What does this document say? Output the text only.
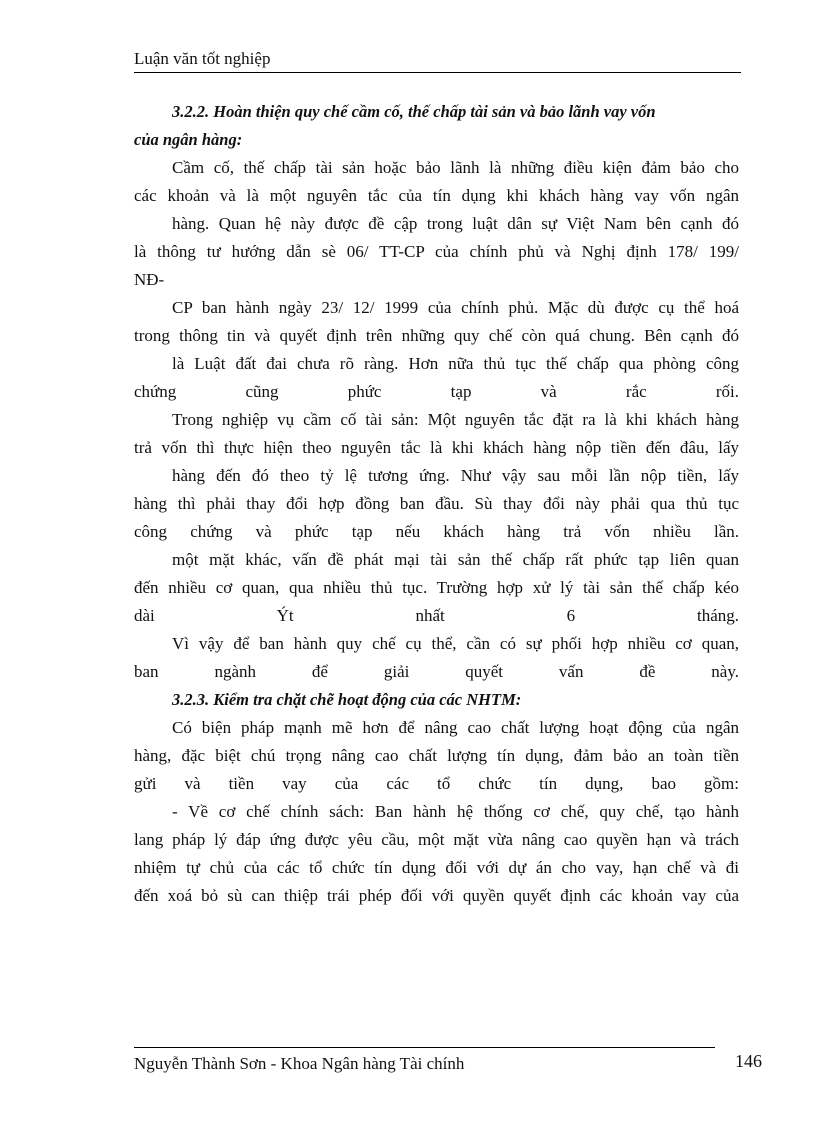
Luận văn tốt nghiệp
3.2.2. Hoàn thiện quy chế cầm cố, thế chấp tài sản và bảo lãnh vay vốn
của ngân hàng:
Cầm cố, thế chấp tài sản hoặc bảo lãnh là những điều kiện đảm bảo cho
các khoản và là một nguyên tắc của tín dụng khi khách hàng vay vốn ngân
hàng. Quan hệ này được đề cập trong luật dân sự Việt Nam bên cạnh đó
là thông tư hướng dẫn sè 06/ TT-CP của chính phủ và Nghị định 178/ 199/
NĐ-
CP ban hành ngày 23/ 12/ 1999 của chính phủ. Mặc dù được cụ thể hoá
trong thông tin và quyết định trên những quy chế còn quá chung. Bên cạnh đó
là Luật đất đai chưa rõ ràng. Hơn nữa thủ tục thế chấp qua phòng công
chứng cũng phức tạp và rắc rối.
Trong nghiệp vụ cầm cố tài sản: Một nguyên tắc đặt ra là khi khách hàng
trả vốn thì thực hiện theo nguyên tắc là khi khách hàng nộp tiền đến đâu, lấy
hàng đến đó theo tỷ lệ tương ứng. Như vậy sau mỗi lần nộp tiền, lấy
hàng thì phải thay đổi hợp đồng ban đầu. Sù thay đổi này phải qua thủ tục
công chứng và phức tạp nếu khách hàng trả vốn nhiều lần.
một mặt khác, vấn đề phát mại tài sản thế chấp rất phức tạp liên quan
đến nhiều cơ quan, qua nhiều thủ tục. Trường hợp xử lý tài sản thế chấp kéo
dài Ýt nhất 6 tháng.
Vì vậy để ban hành quy chế cụ thể, cần có sự phối hợp nhiều cơ quan,
ban ngành để giải quyết vấn đề này.
3.2.3. Kiểm tra chặt chẽ hoạt động của các NHTM:
Có biện pháp mạnh mẽ hơn để nâng cao chất lượng hoạt động của ngân
hàng, đặc biệt chú trọng nâng cao chất lượng tín dụng, đảm bảo an toàn tiền
gửi và tiền vay của các tổ chức tín dụng, bao gồm:
- Về cơ chế chính sách: Ban hành hệ thống cơ chế, quy chế, tạo hành
lang pháp lý đáp ứng được yêu cầu, một mặt vừa nâng cao quyền hạn và trách
nhiệm tự chủ của các tổ chức tín dụng đối với dự án cho vay, hạn chế và đi
đến xoá bỏ sù can thiệp trái phép đối với quyền quyết định các khoản vay của
Nguyễn Thành Sơn - Khoa Ngân hàng Tài chính	146
